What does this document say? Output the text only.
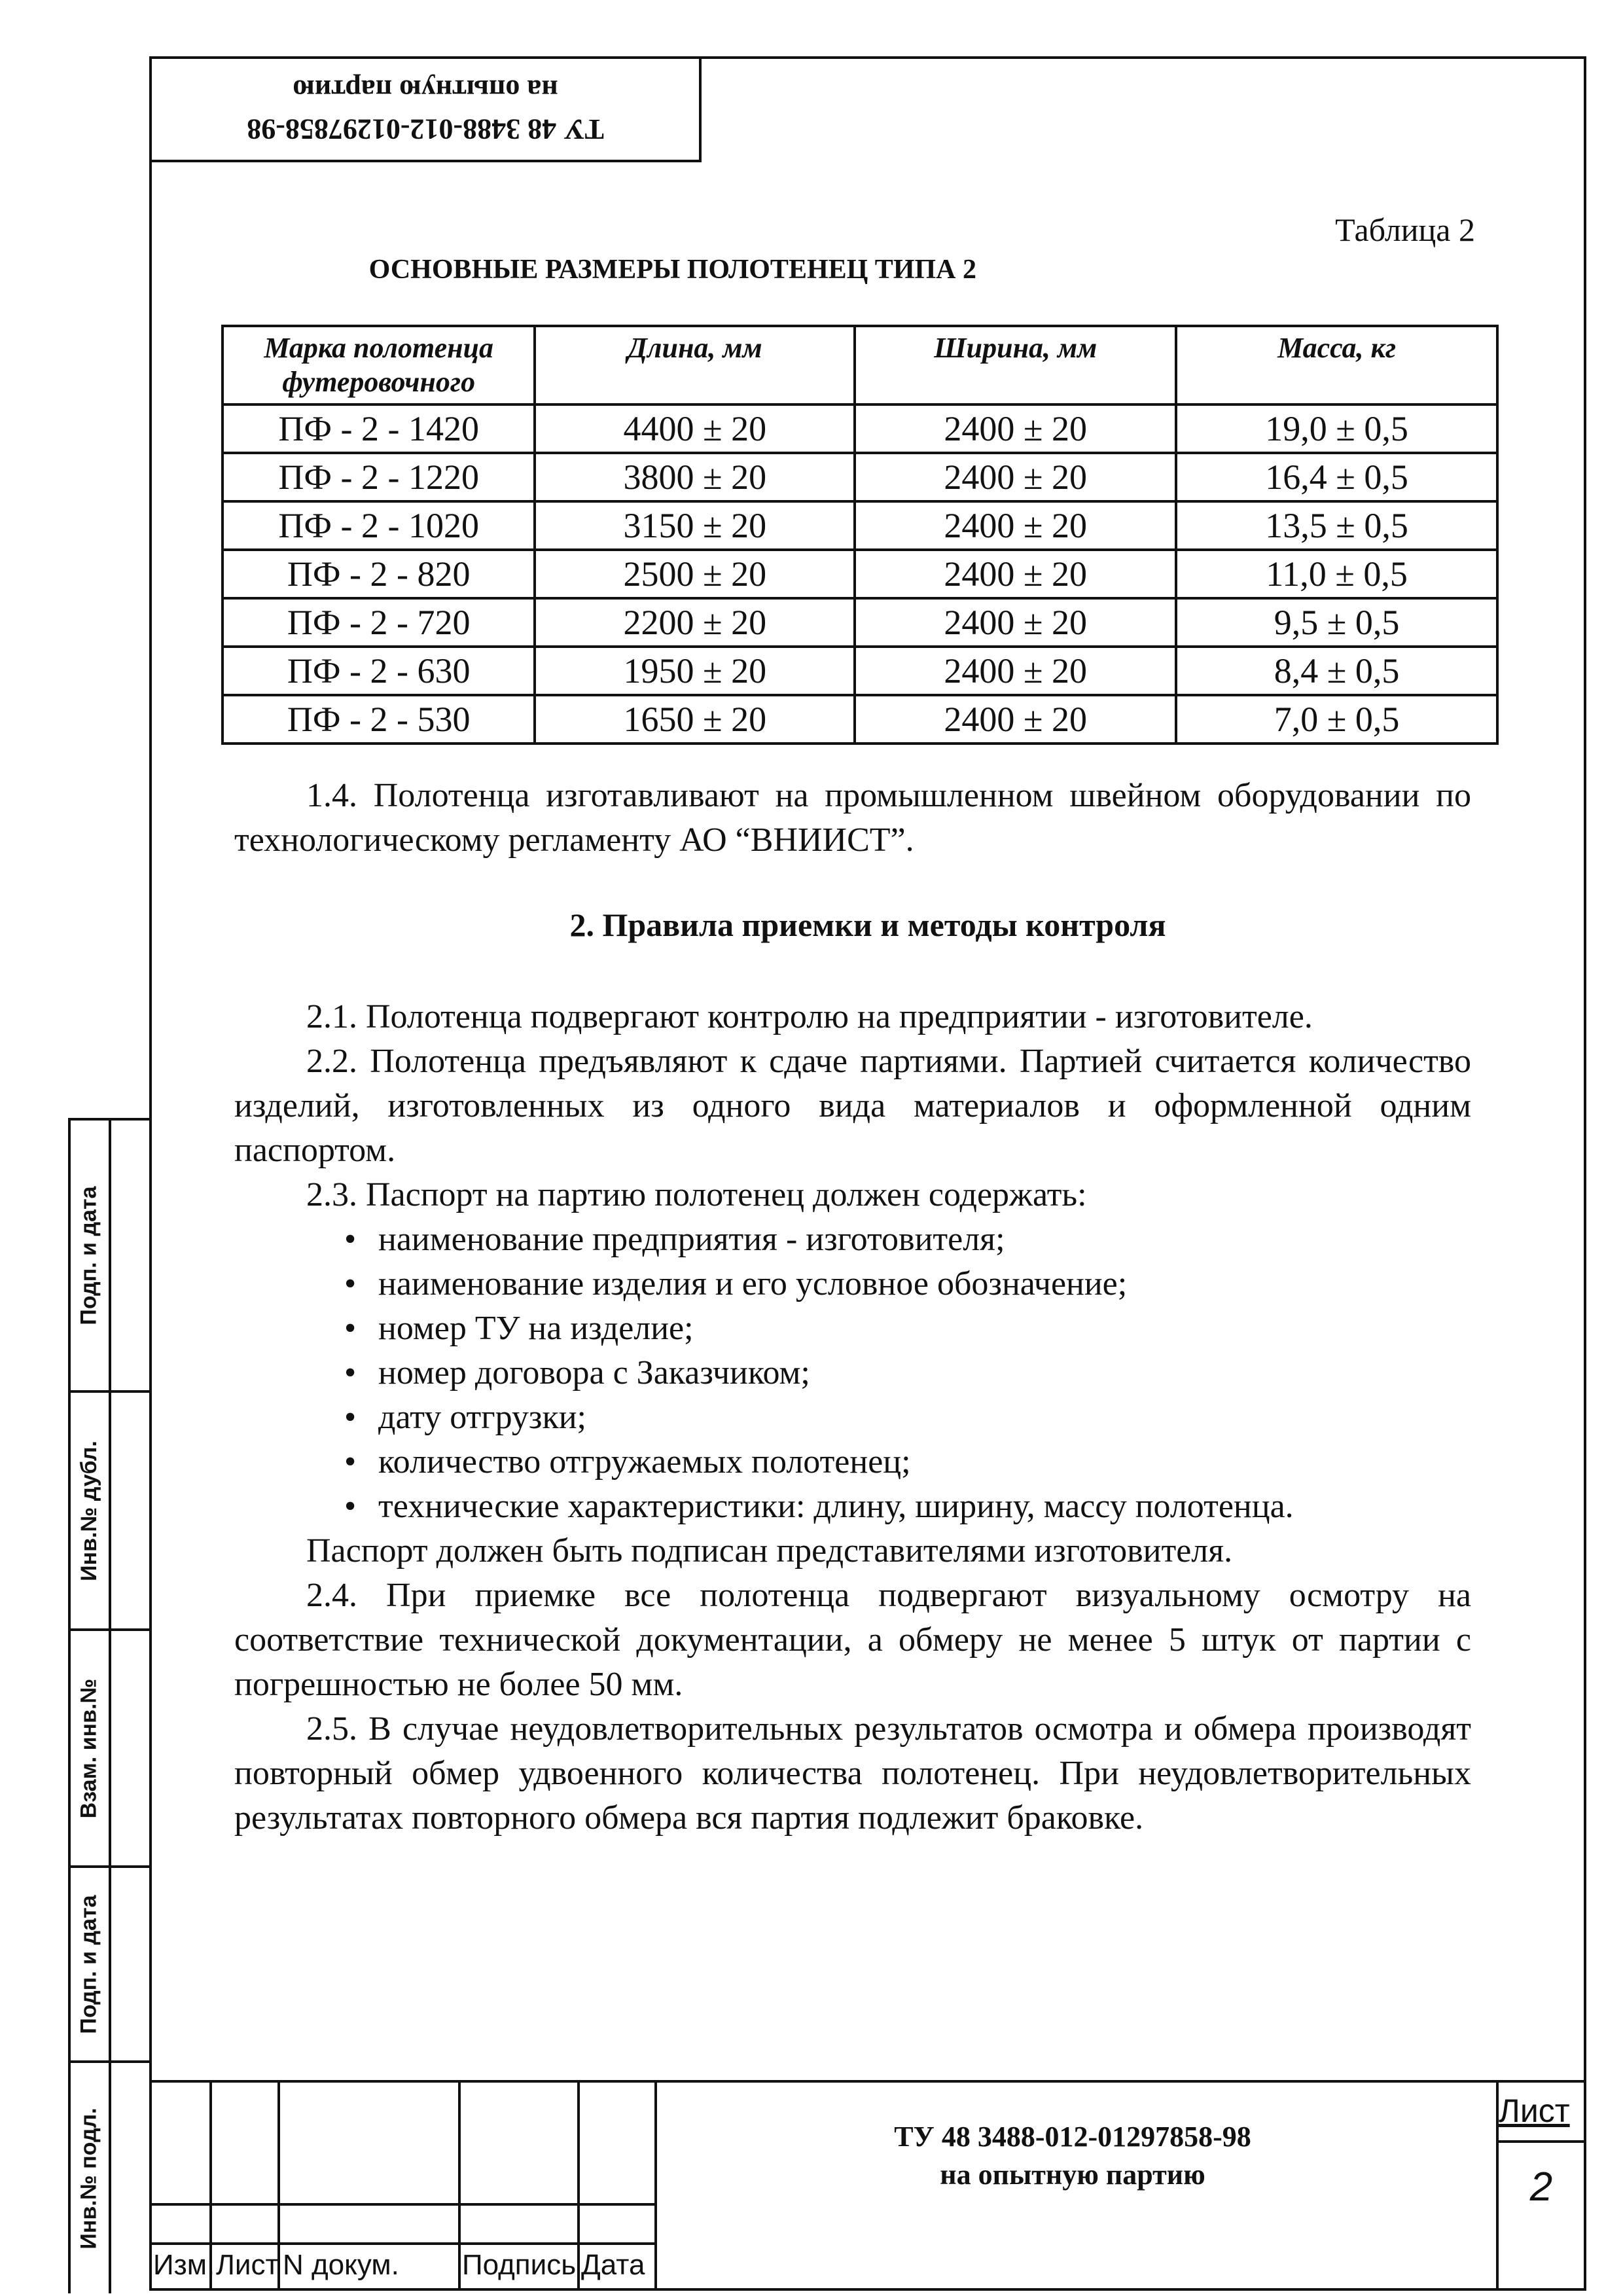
ТУ 48 3488-012-01297858-98
на опытную партию
Таблица 2
ОСНОВНЫЕ РАЗМЕРЫ ПОЛОТЕНЕЦ ТИПА 2
Марка полотенца
футеровочного	Длина, мм	Ширина, мм	Масса, кг
ПФ - 2 - 1420	4400 ± 20	2400 ± 20	19,0 ± 0,5
ПФ - 2 - 1220	3800 ± 20	2400 ± 20	16,4 ± 0,5
ПФ - 2 - 1020	3150 ± 20	2400 ± 20	13,5 ± 0,5
ПФ - 2 - 820	2500 ± 20	2400 ± 20	11,0 ± 0,5
ПФ - 2 - 720	2200 ± 20	2400 ± 20	9,5 ± 0,5
ПФ - 2 - 630	1950 ± 20	2400 ± 20	8,4 ± 0,5
ПФ - 2 - 530	1650 ± 20	2400 ± 20	7,0 ± 0,5

1.4. Полотенца изготавливают на промышленном швейном оборудовании по технологическому регламенту АО “ВНИИСТ”.

2. Правила приемки и методы контроля

2.1. Полотенца подвергают контролю на предприятии - изготовителе.

2.2. Полотенца предъявляют к сдаче партиями. Партией считается количество изделий, изготовленных из одного вида материалов и оформленной одним паспортом.

2.3. Паспорт на партию полотенец должен содержать:

• наименование предприятия - изготовителя;
• наименование изделия и его условное обозначение;
• номер ТУ на изделие;
• номер договора с Заказчиком;
• дату отгрузки;
• количество отгружаемых полотенец;
• технические характеристики: длину, ширину, массу полотенца.

Паспорт должен быть подписан представителями изготовителя.

2.4. При приемке все полотенца подвергают визуальному осмотру на соответствие технической документации, а обмеру не менее 5 штук от партии с погрешностью не более 50 мм.

2.5. В случае неудовлетворительных результатов осмотра и обмера производят повторный обмер удвоенного количества полотенец. При неудовлетворительных результатах повторного обмера вся партия подлежит браковке.

Подп. и дата
Инв.№ дубл.
Взам. инв.№
Подп. и дата
Инв.№ подл.
Изм. Лист N докум. Подпись Дата
ТУ 48 3488-012-01297858-98
на опытную партию
Лист
2
